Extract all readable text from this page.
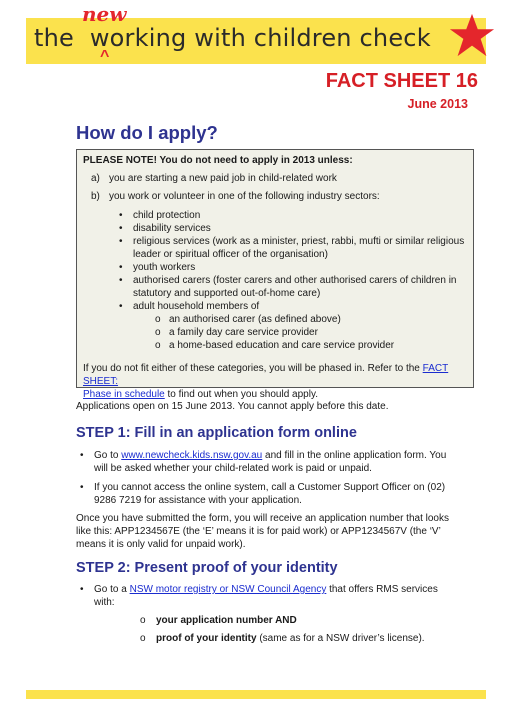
the working with children check
new
^
FACT SHEET 16
June 2013
How do I apply?
PLEASE NOTE! You do not need to apply in 2013 unless:
a) you are starting a new paid job in child-related work
b) you work or volunteer in one of the following industry sectors:
• child protection
• disability services
• religious services (work as a minister, priest, rabbi, mufti or similar religious
leader or spiritual officer of the organisation)
• youth workers
• authorised carers (foster carers and other authorised carers of children in
statutory and supported out-of-home care)
• adult household members of
o an authorised carer (as defined above)
o a family day care service provider
o a home-based education and care service provider
If you do not fit either of these categories, you will be phased in. Refer to the FACT SHEET:
Phase in schedule to find out when you should apply.
Applications open on 15 June 2013. You cannot apply before this date.
STEP 1: Fill in an application form online
•	Go to www.newcheck.kids.nsw.gov.au and fill in the online application form. You
will be asked whether your child-related work is paid or unpaid.
•	If you cannot access the online system, call a Customer Support Officer on (02)
9286 7219 for assistance with your application.
Once you have submitted the form, you will receive an application number that looks
like this: APP1234567E (the ‘E’ means it is for paid work) or APP1234567V (the ‘V’
means it is only valid for unpaid work).
STEP 2: Present proof of your identity
•	Go to a NSW motor registry or NSW Council Agency that offers RMS services
with:
o your application number AND
o proof of your identity (same as for a NSW driver’s license).
